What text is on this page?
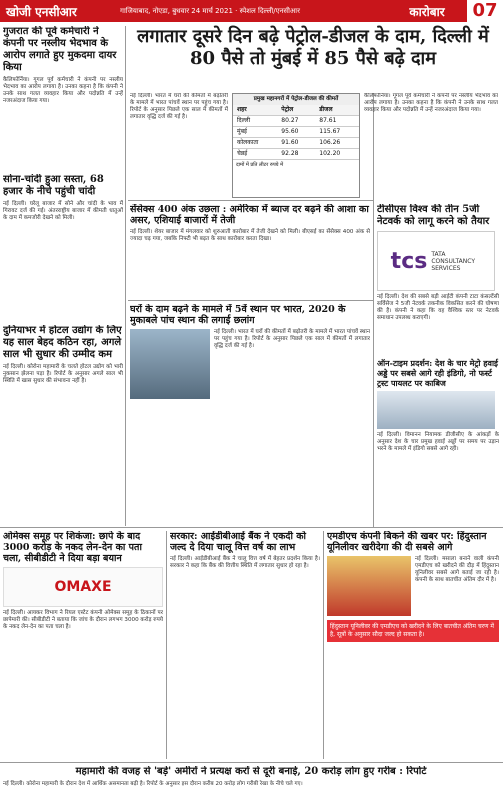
खोजी एनसीआर	गाजियाबाद, नोएडा, बुधवार 24 मार्च 2021 · स्पेशल दिल्ली/एनसीआर	कारोबार	07
लगातार दूसरे दिन बढ़े पेट्रोल-डीजल के दाम, दिल्ली में 80 पैसे तो मुंबई में 85 पैसे बढ़े दाम

नई दिल्ली। भारत में घरों की कीमतों में बढ़ोतरी के मामले में भारत पांचवें स्थान पर पहुंच गया है। रिपोर्ट के अनुसार पिछले एक साल में कीमतों में लगातार वृद्धि दर्ज की गई है।

प्रमुख महानगरों में पेट्रोल-डीजल की कीमतें
शहर	पेट्रोल	डीजल
दिल्ली	80.27	87.61
मुंबई	95.60	115.67
कोलकाता	91.60	106.26
चेन्नई	92.28	102.20
दामों में प्रति लीटर रुपये में

कैलिफोर्निया। गूगल पूर्व कर्मचारी ने कंपनी पर नस्लीय भेदभाव का आरोप लगाया है। उनका कहना है कि कंपनी ने उनके साथ गलत व्यवहार किया और पदोन्नति में उन्हें नजरअंदाज किया गया।

गुजरात की पूर्व कर्मचारी ने कंपनी पर नस्लीय भेदभाव के आरोप लगाते हुए मुकदमा दायर किया

कैलिफोर्निया। गूगल पूर्व कर्मचारी ने कंपनी पर नस्लीय भेदभाव का आरोप लगाया है। उनका कहना है कि कंपनी ने उनके साथ गलत व्यवहार किया और पदोन्नति में उन्हें नजरअंदाज किया गया।

सोना-चांदी हुआ सस्ता, 68 हजार के नीचे पहुंची चांदी

नई दिल्ली। घरेलू बाजार में सोने और चांदी के भाव में गिरावट दर्ज की गई। अंतरराष्ट्रीय बाजार में कीमती धातुओं के दाम में कमजोरी देखने को मिली।

दुनियाभर में होटल उद्योग के लिए यह साल बेहद कठिन रहा, अगले साल भी सुधार की उम्मीद कम

नई दिल्ली। कोरोना महामारी के चलते होटल उद्योग को भारी नुकसान झेलना पड़ा है। रिपोर्ट के अनुसार अगले साल भी स्थिति में खास सुधार की संभावना नहीं है।

सेंसेक्स 400 अंक उछला : अमेरिका में ब्याज दर बढ़ने की आशा का असर, एशियाई बाजारों में तेजी

नई दिल्ली। शेयर बाजार में मंगलवार को शुरुआती कारोबार में तेजी देखने को मिली। बीएसई का सेंसेक्स 400 अंक से ज्यादा चढ़ गया, जबकि निफ्टी भी बढ़त के साथ कारोबार करता दिखा।

घरों के दाम बढ़ने के मामले में 5वें स्थान पर भारत, 2020 के मुकाबले पांच स्थान की लगाई छलांग

नई दिल्ली। भारत में घरों की कीमतों में बढ़ोतरी के मामले में भारत पांचवें स्थान पर पहुंच गया है। रिपोर्ट के अनुसार पिछले एक साल में कीमतों में लगातार वृद्धि दर्ज की गई है।

टीसीएस विश्व की तीन 5जी नेटवर्क को लागू करने को तैयार
tcs TATA CONSULTANCY SERVICES

नई दिल्ली। देश की सबसे बड़ी आईटी कंपनी टाटा कंसल्टेंसी सर्विसेज ने 5जी नेटवर्क तकनीक विकसित करने की घोषणा की है। कंपनी ने कहा कि वह वैश्विक स्तर पर नेटवर्क समाधान उपलब्ध कराएगी।

ऑन-टाइम प्रदर्शन: देश के चार मेट्रो हवाई अड्डे पर सबसे आगे रही इंडिगो, नो फर्स्ट ट्रस्ट पायलट पर काबिज

नई दिल्ली। विमानन नियामक डीजीसीए के आंकड़ों के अनुसार देश के चार प्रमुख हवाई अड्डों पर समय पर उड़ान भरने के मामले में इंडिगो सबसे आगे रही।

ओमेक्स समूह पर शिकंजा: छापे के बाद 3000 करोड़ के नकद लेन-देन का पता चला, सीबीडीटी ने दिया बड़ा बयान
OMAXE

नई दिल्ली। आयकर विभाग ने रियल एस्टेट कंपनी ओमेक्स समूह के ठिकानों पर छापेमारी की। सीबीडीटी ने बताया कि जांच के दौरान लगभग 3000 करोड़ रुपये के नकद लेन-देन का पता चला है।

सरकार: आईडीबीआई बैंक ने एकदी को जल्द दे दिया चालू वित्त वर्ष का लाभ

नई दिल्ली। आईडीबीआई बैंक ने चालू वित्त वर्ष में बेहतर प्रदर्शन किया है। सरकार ने कहा कि बैंक की वित्तीय स्थिति में लगातार सुधार हो रहा है।

एमडीएच कंपनी बिकने की खबर पर: हिंदुस्तान यूनिलीवर खरीदेगा की दी सबसे आगे

नई दिल्ली। मसाला बनाने वाली कंपनी एमडीएच को खरीदने की दौड़ में हिंदुस्तान यूनिलीवर सबसे आगे बताई जा रही है। कंपनी के साथ बातचीत अंतिम दौर में है।

हिंदुस्तान यूनिलीवर की एमडीएच को खरीदने के लिए बातचीत अंतिम चरण में है, सूत्रों के अनुसार सौदा जल्द हो सकता है।
महामारी की वजह से 'बड़े' अमीरों ने प्रत्यक्ष करों से दूरी बनाई, 20 करोड़ लोग हुए गरीब : रिपोर्ट

नई दिल्ली। कोरोना महामारी के दौरान देश में आर्थिक असमानता बढ़ी है। रिपोर्ट के अनुसार इस दौरान करीब 20 करोड़ लोग गरीबी रेखा के नीचे चले गए।
